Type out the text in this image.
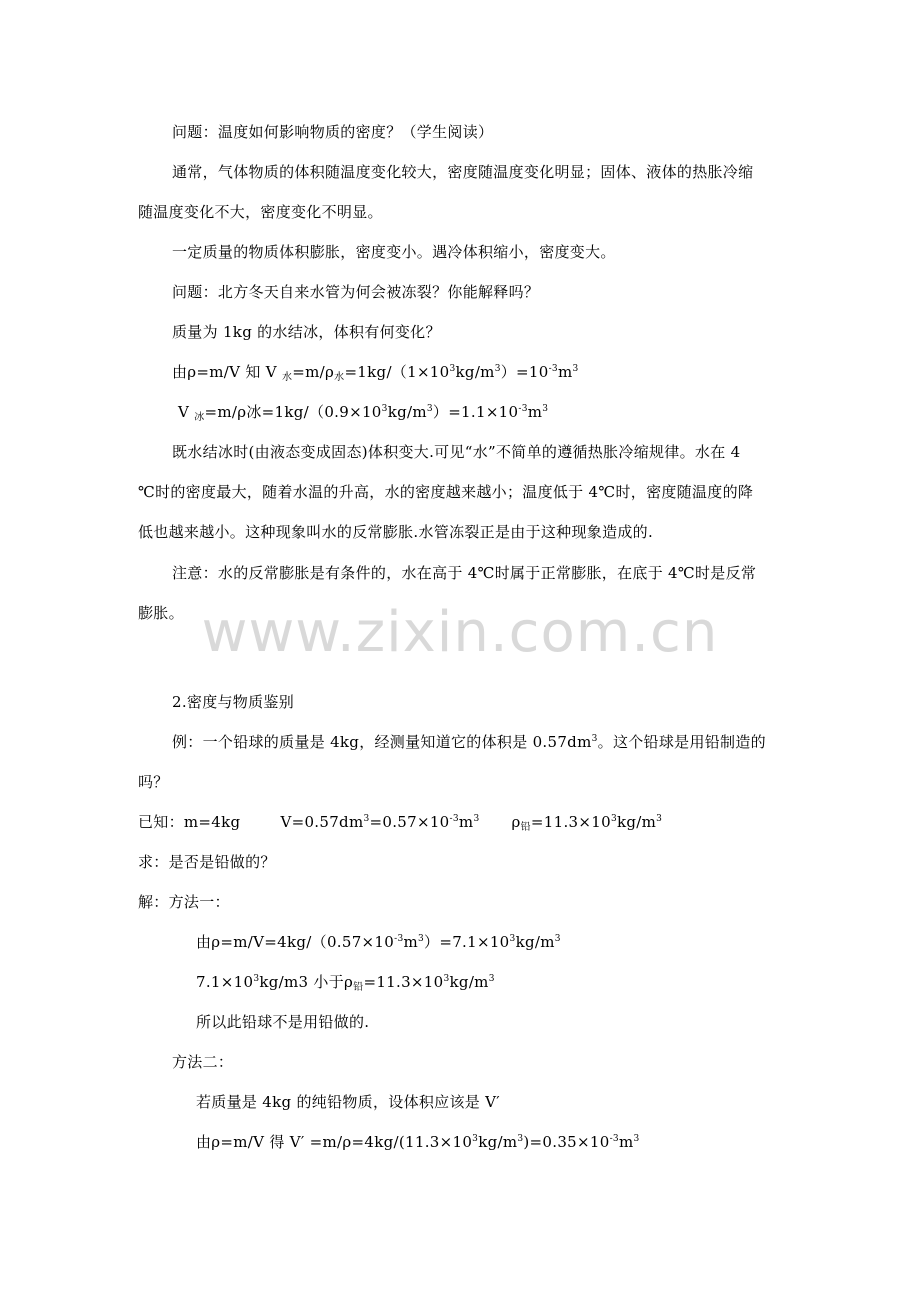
www.zixin.com.cn
问题：温度如何影响物质的密度？（学生阅读）
通常，气体物质的体积随温度变化较大，密度随温度变化明显；固体、液体的热胀冷缩
随温度变化不大，密度变化不明显。
一定质量的物质体积膨胀，密度变小。遇冷体积缩小，密度变大。
问题：北方冬天自来水管为何会被冻裂？你能解释吗？
质量为 1kg 的水结冰，体积有何变化？
由ρ=m/V 知 V $_水=m/\rho_水=1kg/(1\times 10^3kg/m^3)=10^{-3}m^3$
V $_冰$=m/ρ冰$=1kg/(0.9\times 10^3kg/m^3)=1.1\times 10^{-3}m^3$
既水结冰时(由液态变成固态)体积变大.可见“水”不简单的遵循热胀冷缩规律。水在 4
℃时的密度最大，随着水温的升高，水的密度越来越小；温度低于 4℃时，密度随温度的降
低也越来越小。这种现象叫水的反常膨胀.水管冻裂正是由于这种现象造成的.
注意：水的反常膨胀是有条件的，水在高于 4℃时属于正常膨胀，在底于 4℃时是反常
膨胀。
2.密度与物质鉴别
例：一个铅球的质量是 4kg，经测量知道它的体积是 $0.57dm^3$。这个铅球是用铅制造的
吗？
已知：m=4kg	$V=0.57dm^3=0.57\times 10^{-3}m^3$ $\rho_铅=11.3\times 10^3kg/m^3$
求：是否是铅做的？
解：方法一：
由$\rho=m/V=4kg/(0.57\times 10^{-3}m^3)=7.1\times 10^3kg/m^3$
$7.1\times 10^3kg/m3$ 小于$\rho_铅=11.3\times 10^3kg/m^3$
所以此铅球不是用铅做的.
方法二：
若质量是 4kg 的纯铅物质，设体积应该是 V′
由ρ=m/V 得 $V' =m/\rho=4kg/(11.3\times 10^3kg/m^3)=0.35\times 10^{-3}m^3$
